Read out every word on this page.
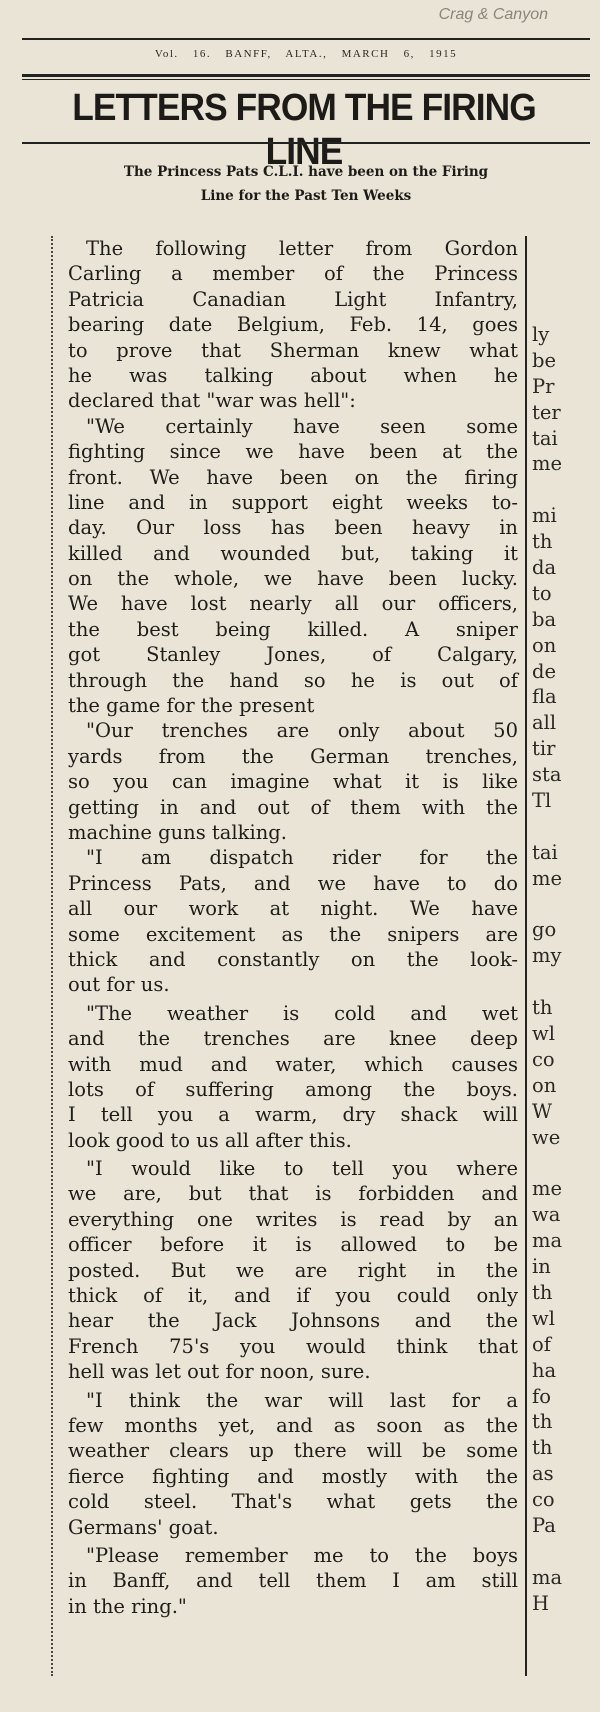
Crag & Canyon
Vol. 16. BANFF, ALTA., MARCH 6, 1915
LETTERS FROM THE FIRING LINE
The Princess Pats C.L.I. have been on the Firing
Line for the Past Ten Weeks
The following letter from Gordon
Carling a member of the Princess
Patricia Canadian Light Infantry,
bearing date Belgium, Feb. 14, goes
to prove that Sherman knew what
he was talking about when he
declared that "war was hell":
"We certainly have seen some
fighting since we have been at the
front. We have been on the firing
line and in support eight weeks to-
day. Our loss has been heavy in
killed and wounded but, taking it
on the whole, we have been lucky.
We have lost nearly all our officers,
the best being killed. A sniper
got Stanley Jones, of Calgary,
through the hand so he is out of
the game for the present
"Our trenches are only about 50
yards from the German trenches,
so you can imagine what it is like
getting in and out of them with the
machine guns talking.
"I am dispatch rider for the
Princess Pats, and we have to do
all our work at night. We have
some excitement as the snipers are
thick and constantly on the look-
out for us.
"The weather is cold and wet
and the trenches are knee deep
with mud and water, which causes
lots of suffering among the boys.
I tell you a warm, dry shack will
look good to us all after this.
"I would like to tell you where
we are, but that is forbidden and
everything one writes is read by an
officer before it is allowed to be
posted. But we are right in the
thick of it, and if you could only
hear the Jack Johnsons and the
French 75's you would think that
hell was let out for noon, sure.
"I think the war will last for a
few months yet, and as soon as the
weather clears up there will be some
fierce fighting and mostly with the
cold steel. That's what gets the
Germans' goat.
"Please remember me to the boys
in Banff, and tell them I am still
in the ring."
ly
be
Pr
ter
tai
me
mi
th
da
to
ba
on
de
fla
all
tir
sta
Tl
tai
me
go
my
th
wl
co
on
W
we
me
wa
ma
in
th
wl
of
ha
fo
th
th
as
co
Pa
ma
H
